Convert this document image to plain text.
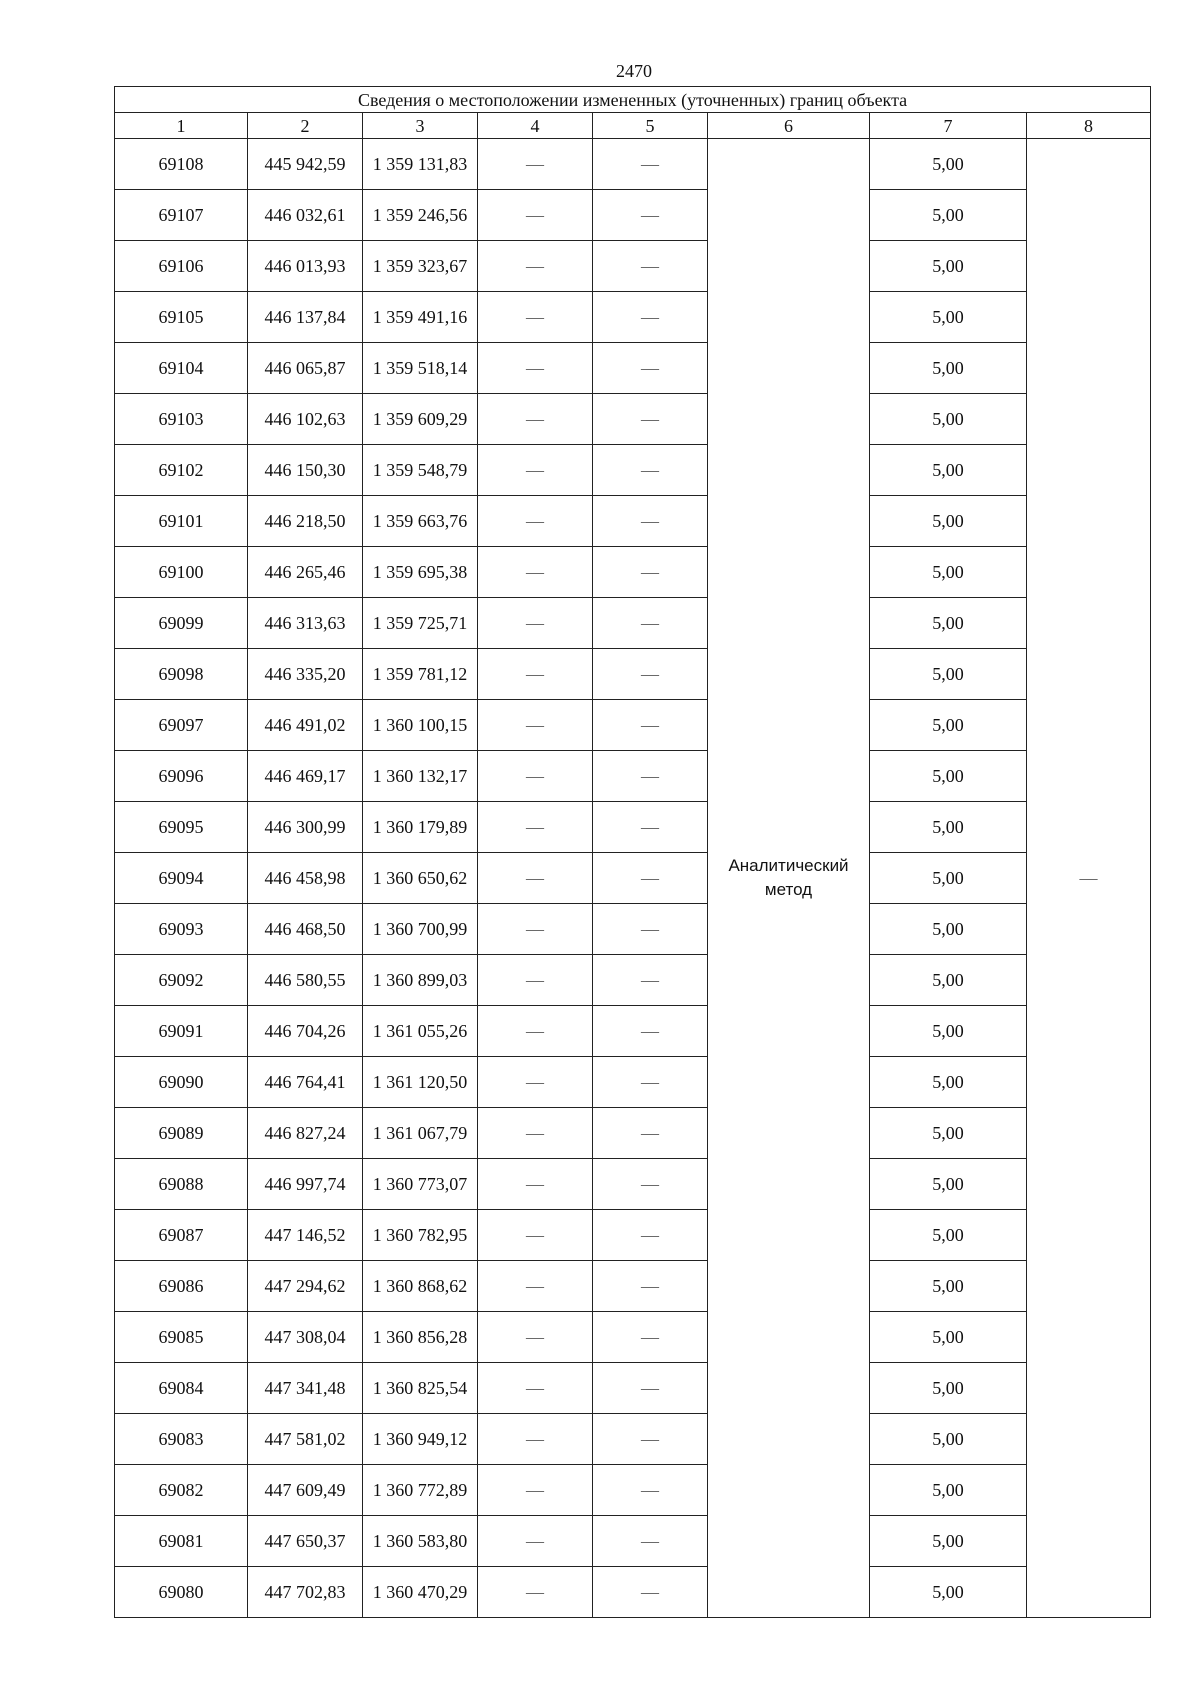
2470
Сведения о местоположении измененных (уточненных) границ объекта							
1	2	3	4	5	6	7	8
69108	445 942,59	1 359 131,83	—	—	Аналитический метод	5,00	—
69107	446 032,61	1 359 246,56	—	—		5,00	
69106	446 013,93	1 359 323,67	—	—		5,00	
69105	446 137,84	1 359 491,16	—	—		5,00	
69104	446 065,87	1 359 518,14	—	—		5,00	
69103	446 102,63	1 359 609,29	—	—		5,00	
69102	446 150,30	1 359 548,79	—	—		5,00	
69101	446 218,50	1 359 663,76	—	—		5,00	
69100	446 265,46	1 359 695,38	—	—		5,00	
69099	446 313,63	1 359 725,71	—	—		5,00	
69098	446 335,20	1 359 781,12	—	—		5,00	
69097	446 491,02	1 360 100,15	—	—		5,00	
69096	446 469,17	1 360 132,17	—	—		5,00	
69095	446 300,99	1 360 179,89	—	—		5,00	
69094	446 458,98	1 360 650,62	—	—		5,00	
69093	446 468,50	1 360 700,99	—	—		5,00	
69092	446 580,55	1 360 899,03	—	—		5,00	
69091	446 704,26	1 361 055,26	—	—		5,00	
69090	446 764,41	1 361 120,50	—	—		5,00	
69089	446 827,24	1 361 067,79	—	—		5,00	
69088	446 997,74	1 360 773,07	—	—		5,00	
69087	447 146,52	1 360 782,95	—	—		5,00	
69086	447 294,62	1 360 868,62	—	—		5,00	
69085	447 308,04	1 360 856,28	—	—		5,00	
69084	447 341,48	1 360 825,54	—	—		5,00	
69083	447 581,02	1 360 949,12	—	—		5,00	
69082	447 609,49	1 360 772,89	—	—		5,00	
69081	447 650,37	1 360 583,80	—	—		5,00	
69080	447 702,83	1 360 470,29	—	—		5,00	
